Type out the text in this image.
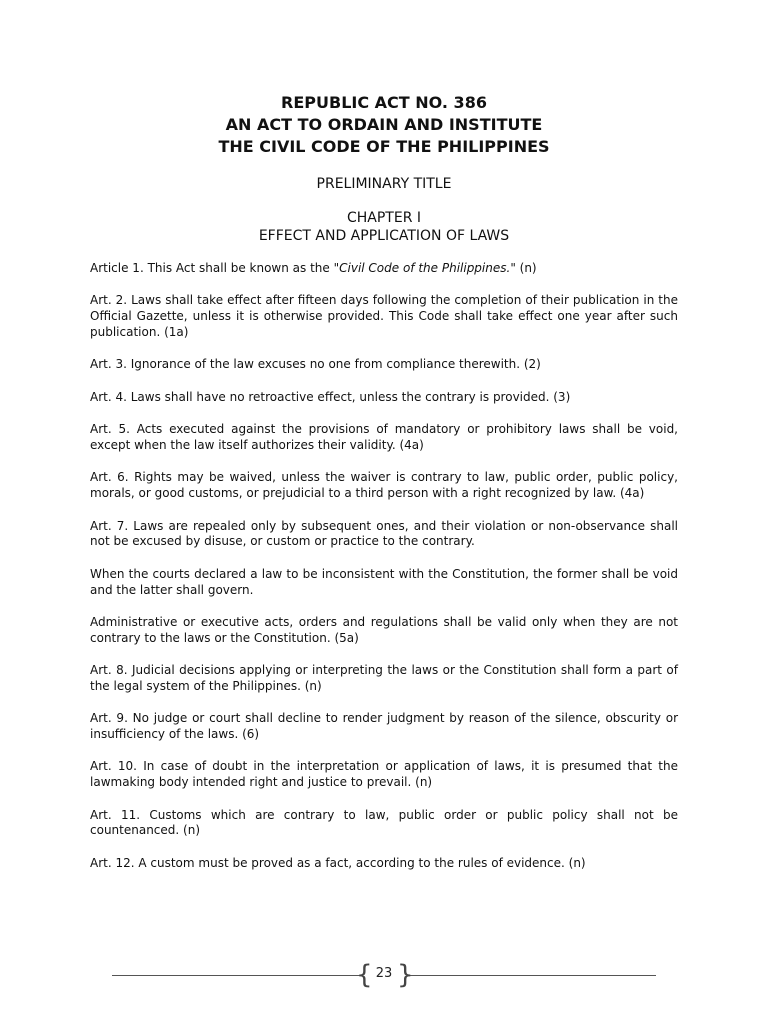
REPUBLIC ACT NO. 386
AN ACT TO ORDAIN AND INSTITUTE
THE CIVIL CODE OF THE PHILIPPINES
PRELIMINARY TITLE
CHAPTER I
EFFECT AND APPLICATION OF LAWS

Article 1. This Act shall be known as the "Civil Code of the Philippines." (n)

Art. 2. Laws shall take effect after fifteen days following the completion of their publication in the Official Gazette, unless it is otherwise provided. This Code shall take effect one year after such publication. (1a)

Art. 3. Ignorance of the law excuses no one from compliance therewith. (2)

Art. 4. Laws shall have no retroactive effect, unless the contrary is provided. (3)

Art. 5. Acts executed against the provisions of mandatory or prohibitory laws shall be void, except when the law itself authorizes their validity. (4a)

Art. 6. Rights may be waived, unless the waiver is contrary to law, public order, public policy, morals, or good customs, or prejudicial to a third person with a right recognized by law. (4a)

Art. 7. Laws are repealed only by subsequent ones, and their violation or non-observance shall not be excused by disuse, or custom or practice to the contrary.

When the courts declared a law to be inconsistent with the Constitution, the former shall be void and the latter shall govern.

Administrative or executive acts, orders and regulations shall be valid only when they are not contrary to the laws or the Constitution. (5a)

Art. 8. Judicial decisions applying or interpreting the laws or the Constitution shall form a part of the legal system of the Philippines. (n)

Art. 9. No judge or court shall decline to render judgment by reason of the silence, obscurity or insufficiency of the laws. (6)

Art. 10. In case of doubt in the interpretation or application of laws, it is presumed that the lawmaking body intended right and justice to prevail. (n)

Art. 11. Customs which are contrary to law, public order or public policy shall not be countenanced. (n)

Art. 12. A custom must be proved as a fact, according to the rules of evidence. (n)

{ }
23
